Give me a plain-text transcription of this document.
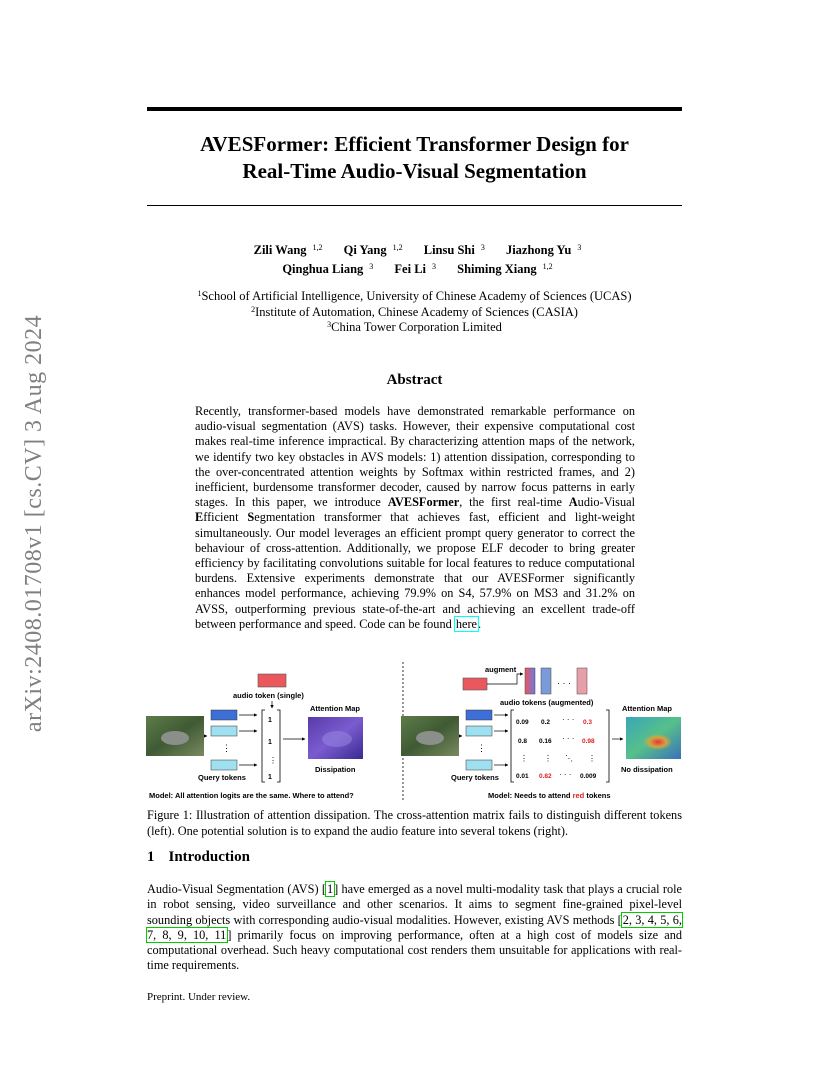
arXiv:2408.01708v1 [cs.CV] 3 Aug 2024
AVESFormer: Efficient Transformer Design for
Real-Time Audio-Visual Segmentation
Zili Wang $^{1,2}$ Qi Yang $^{1,2}$ Linsu Shi $^3$ Jiazhong Yu $^3$
Qinghua Liang $^3$ Fei Li $^3$ Shiming Xiang $^{1,2}$
$^1$School of Artificial Intelligence, University of Chinese Academy of Sciences (UCAS)
$^2$Institute of Automation, Chinese Academy of Sciences (CASIA)
$^3$China Tower Corporation Limited
Abstract
Recently, transformer-based models have demonstrated remarkable performance on audio-visual segmentation (AVS) tasks. However, their expensive computational cost makes real-time inference impractical. By characterizing attention maps of the network, we identify two key obstacles in AVS models: 1) attention dissipation, corresponding to the over-concentrated attention weights by Softmax within restricted frames, and 2) inefficient, burdensome transformer decoder, caused by narrow focus patterns in early stages. In this paper, we introduce AVESFormer, the first real-time Audio-Visual Efficient Segmentation transformer that achieves fast, efficient and light-weight simultaneously. Our model leverages an efficient prompt query generator to correct the behaviour of cross-attention. Additionally, we propose ELF decoder to bring greater efficiency by facilitating convolutions suitable for local features to reduce computational burdens. Extensive experiments demonstrate that our AVESFormer significantly enhances model performance, achieving 79.9% on S4, 57.9% on MS3 and 31.2% on AVSS, outperforming previous state-of-the-art and achieving an excellent trade-off between performance and speed. Code can be found here.
audio token (single)
Attention Map
⋮
Query tokens
1
1
⋮
1
Dissipation
Model: All attention logits are the same. Where to attend?
augment
· · ·
audio tokens (augmented)
Attention Map
⋮
Query tokens
0.09 0.2 · · · 0.3
0.8 0.16 · · · 0.98
⋮ ⋮ ⋱ ⋮
0.01 0.82 · · · 0.009
No dissipation
Model: Needs to attend red tokens
Figure 1: Illustration of attention dissipation. The cross-attention matrix fails to distinguish different tokens (left). One potential solution is to expand the audio feature into several tokens (right).
1 Introduction
Audio-Visual Segmentation (AVS) [1] have emerged as a novel multi-modality task that plays a crucial role in robot sensing, video surveillance and other scenarios. It aims to segment fine-grained pixel-level sounding objects with corresponding audio-visual modalities. However, existing AVS methods [2, 3, 4, 5, 6, 7, 8, 9, 10, 11] primarily focus on improving performance, often at a high cost of models size and computational overhead. Such heavy computational cost renders them unsuitable for applications with real-time requirements.
Preprint. Under review.
